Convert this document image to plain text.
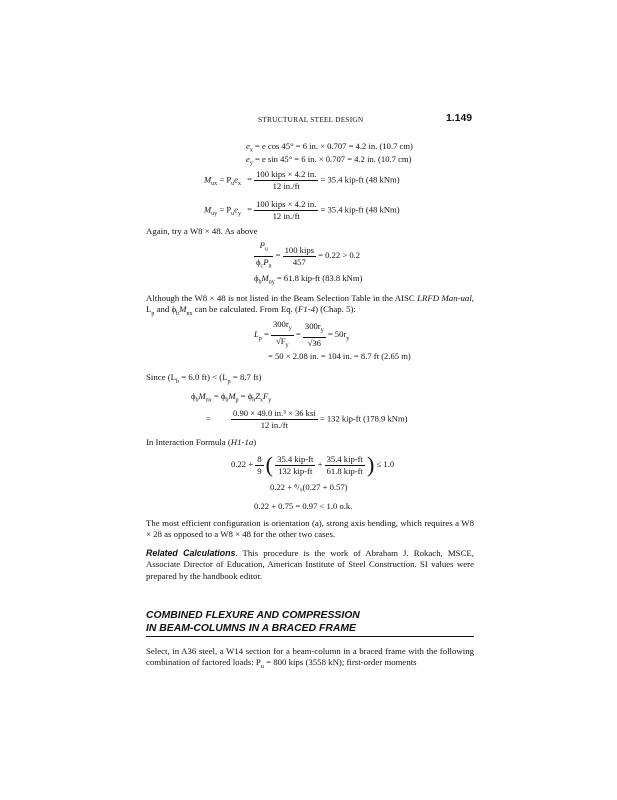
STRUCTURAL STEEL DESIGN	1.149
$e_x = e$ cos 45° = 6 in. × 0.707 = 4.2 in. (10.7 cm)
$e_y = e$ sin 45° = 6 in. × 0.707 = 4.2 in. (10.7 cm)
$M_{ux} = P_ue_x = \frac{\text{100 kips × 4.2 in.}}{12 in./ft} = 35.4$ kip-ft (48 kNm)
$M_{uy} = P_ue_y = \frac{\text{100 kips × 4.2 in.}}{12 in./ft} = 35.4$ kip-ft (48 kNm)
Again, try a W8 × 48. As above
$\frac{P_u}{\phi_cP_n} = \frac{\text{100 kips}}{457} = 0.22 > 0.2$
$\phi_bM_{ny} = 61.8$ kip-ft (83.8 kNm)
Although the W8 × 48 is not listed in the Beam Selection Table in the AISC LRFD Man-ual, $L_p$ and $\phi_bM_{nx}$ can be calculated. From Eq. (F1-4) (Chap. 5):
$L_p = \frac{300r_y}{√F_y} = \frac{300r_y}{√36} = 50r_y$
= 50 × 2.08 in. = 104 in. = 8.7 ft (2.65 m)
Since ($L_b = 6.0$ $ft) < (L_p = 8.7$ ft)
$\phi_bM_{nx} = \phi_bM_p = \phi_bZ_xF_y$
= $\frac{\text{0.90 × 49.0 in.³ × 36 ksi}}{12 in./ft} = 132$ kip-ft (178.9 kNm)
In Interaction Formula (H1-1a)
$0.22 + \frac{8}{9}$ ( $\frac{\text{35.4 kip-ft}}{\text{132 kip-ft}} + \frac{\text{35.4 kip-ft}}{\text{61.8 kip-ft}}$ ) ≤ 1.0
0.22 + ⁸/₉(0.27 + 0.57)
0.22 + 0.75 = 0.97 < 1.0 o.k.
The most efficient configuration is orientation (a), strong axis bending, which requires a W8 × 28 as opposed to a W8 × 48 for the other two cases.
Related Calculations. This procedure is the work of Abraham J. Rokach, MSCE, Associate Director of Education, American Institute of Steel Construction. SI values were prepared by the handbook editor.
COMBINED FLEXURE AND COMPRESSION
IN BEAM-COLUMNS IN A BRACED FRAME
Select, in A36 steel, a W14 section for a beam-column in a braced frame with the following combination of factored loads: $P_u = 800$ kips (3558 kN); first-order moments
